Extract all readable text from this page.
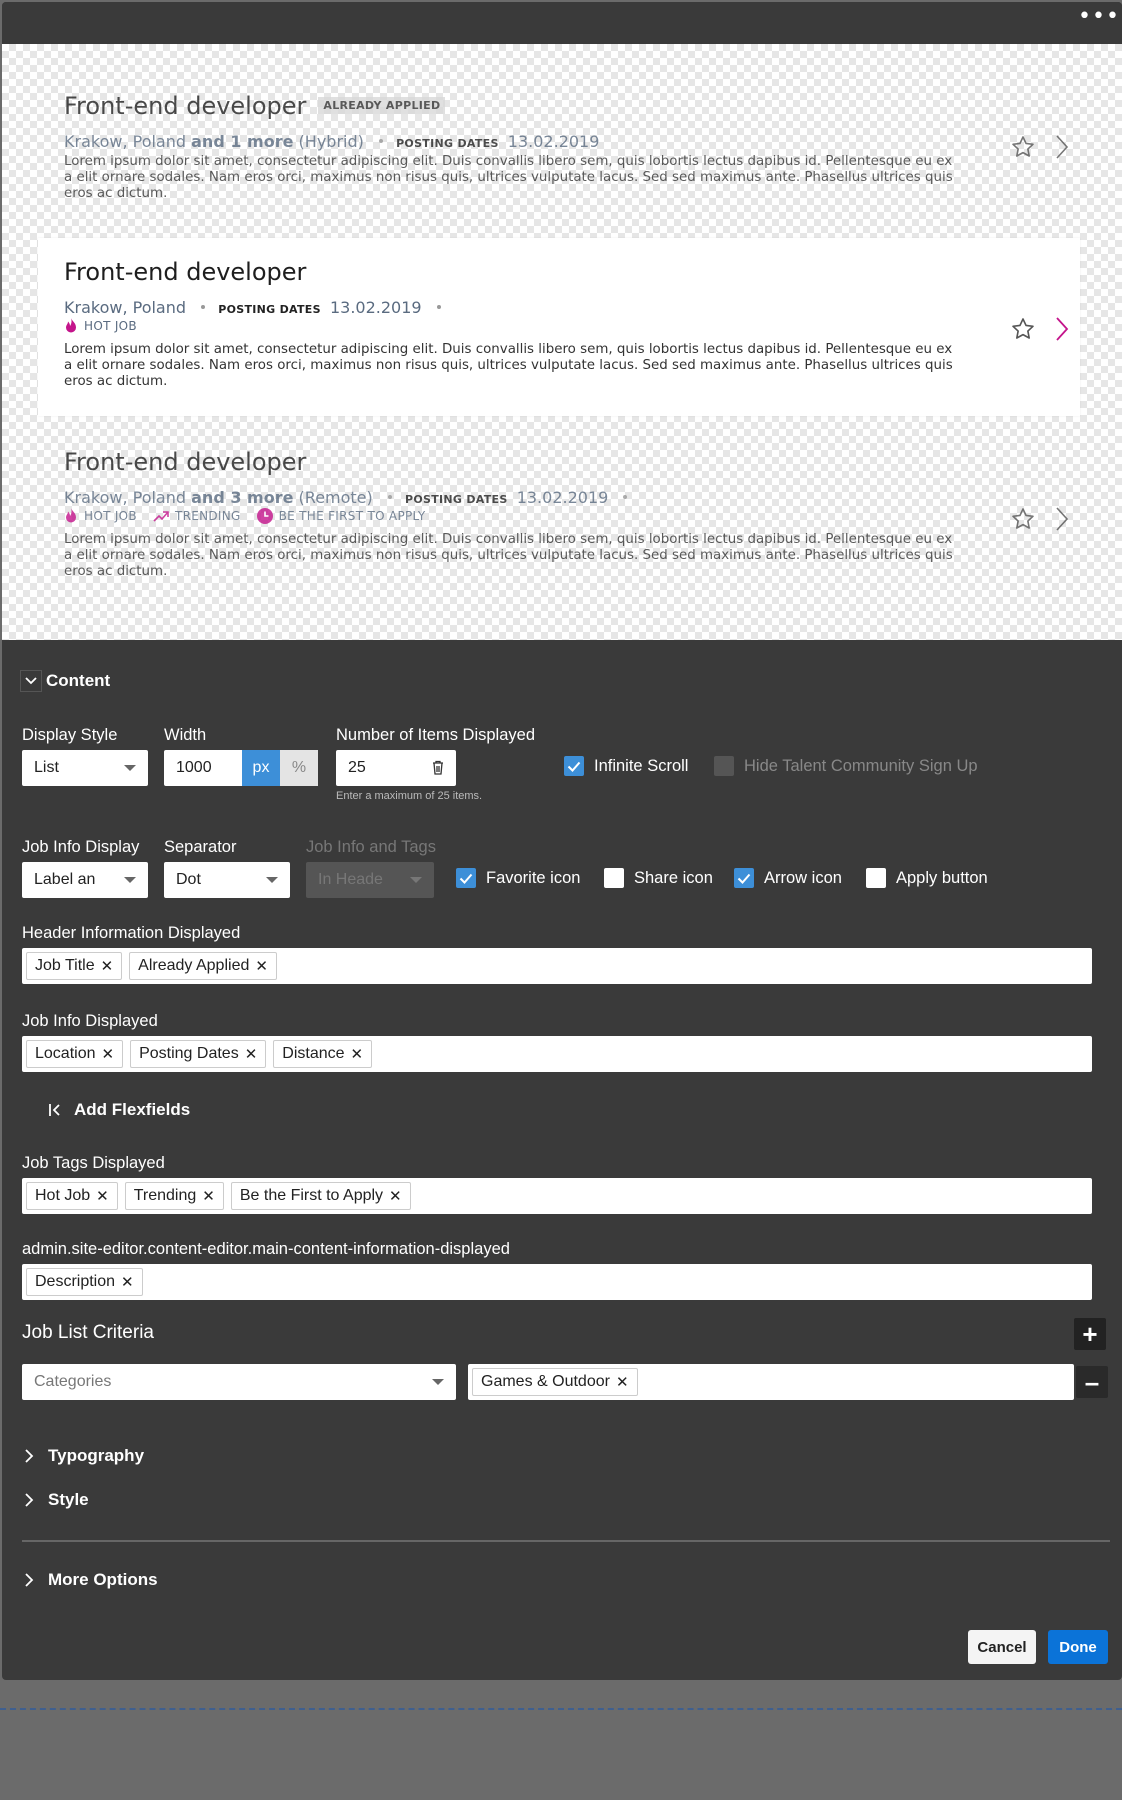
•••
Front-end developer ALREADY APPLIED
Krakow, Poland and 1 more (Hybrid)	POSTING DATES 13.02.2019
Lorem ipsum dolor sit amet, consectetur adipiscing elit. Duis convallis libero sem, quis lobortis lectus dapibus id. Pellentesque eu ex a elit ornare sodales. Nam eros orci, maximus non risus quis, ultrices vulputate lacus. Sed sed maximus ante. Phasellus ultrices quis eros ac dictum.
Front-end developer
Krakow, Poland	POSTING DATES 13.02.2019
HOT JOB
Lorem ipsum dolor sit amet, consectetur adipiscing elit. Duis convallis libero sem, quis lobortis lectus dapibus id. Pellentesque eu ex a elit ornare sodales. Nam eros orci, maximus non risus quis, ultrices vulputate lacus. Sed sed maximus ante. Phasellus ultrices quis eros ac dictum.
Front-end developer
Krakow, Poland and 3 more (Remote)	POSTING DATES 13.02.2019
HOT JOB	TRENDING	BE THE FIRST TO APPLY
Lorem ipsum dolor sit amet, consectetur adipiscing elit. Duis convallis libero sem, quis lobortis lectus dapibus id. Pellentesque eu ex a elit ornare sodales. Nam eros orci, maximus non risus quis, ultrices vulputate lacus. Sed sed maximus ante. Phasellus ultrices quis eros ac dictum.
Content
Display Style
List
Width
1000	px	%
Number of Items Displayed
25
Enter a maximum of 25 items.
Infinite Scroll	Hide Talent Community Sign Up
Job Info Display
Label an
Separator
Dot
Job Info and Tags
In Heade	Favorite icon	Share icon	Arrow icon	Apply button
Header Information Displayed
Job Title ✕ Already Applied ✕
Job Info Displayed
Location ✕ Posting Dates ✕ Distance ✕
Add Flexfields
Job Tags Displayed
Hot Job ✕ Trending ✕ Be the First to Apply ✕
admin.site-editor.content-editor.main-content-information-displayed
Description ✕
Job List Criteria	+
Categories	Games & Outdoor ✕	–
Typography
Style
More Options
Cancel	Done
